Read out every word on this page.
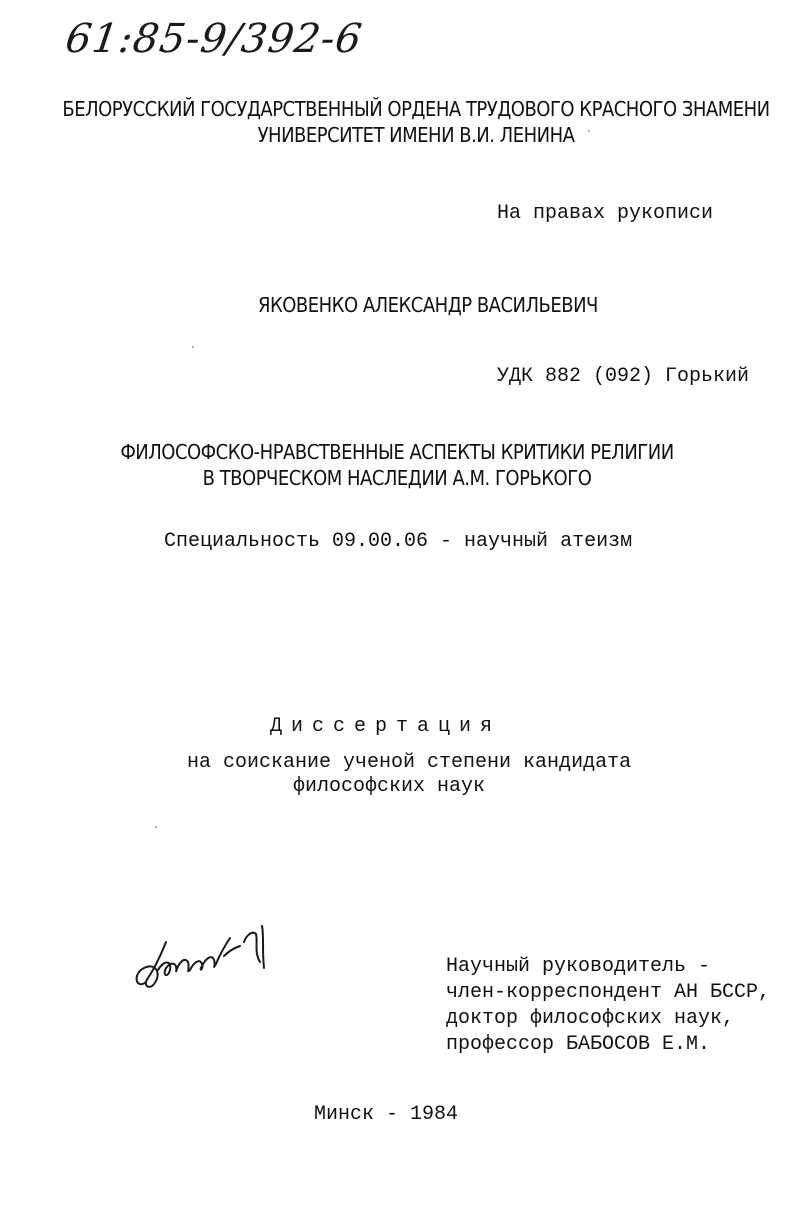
61:85-9/392-6
БЕЛОРУССКИЙ ГОСУДАРСТВЕННЫЙ ОРДЕНА ТРУДОВОГО КРАСНОГО ЗНАМЕНИ
УНИВЕРСИТЕТ ИМЕНИ В.И. ЛЕНИНА
На правах рукописи
ЯКОВЕНКО АЛЕКСАНДР ВАСИЛЬЕВИЧ
УДК 882 (092) Горький
ФИЛОСОФСКО-НРАВСТВЕННЫЕ АСПЕКТЫ КРИТИКИ РЕЛИГИИ
В ТВОРЧЕСКОМ НАСЛЕДИИ А.М. ГОРЬКОГО
Специальность 09.00.06 - научный атеизм
Диссертация
на соискание ученой степени кандидата
философских наук
Научный руководитель -
член-корреспондент АН БССР,
доктор философских наук,
профессор БАБОСОВ Е.М.
Минск - 1984
